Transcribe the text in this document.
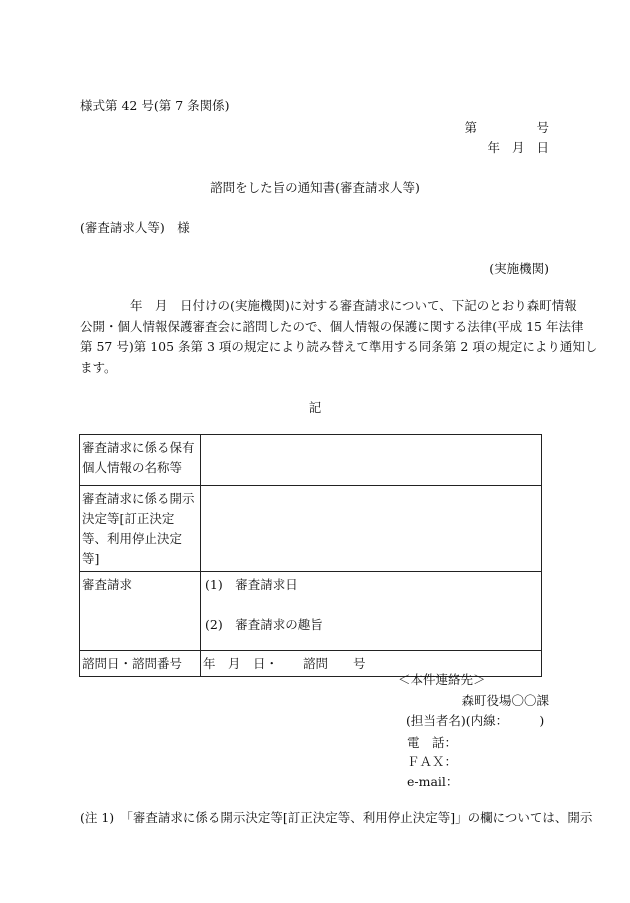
様式第 42 号(第 7 条関係)
第	号
年 月 日
諮問をした旨の通知書(審査請求人等)
(審査請求人等)　様
(実施機関)
　　　　年　月　日付けの(実施機関)に対する審査請求について、下記のとおり森町情報
公開・個人情報保護審査会に諮問したので、個人情報の保護に関する法律(平成 15 年法律
第 57 号)第 105 条第 3 項の規定により読み替えて準用する同条第 2 項の規定により通知し
ます。
記
審査請求に係る保有個人情報の名称等	
審査請求に係る開示決定等[訂正決定等、利用停止決定等]	
審査請求	(1)　審査請求日
(2)　審査請求の趣旨

諮問日・諮問番号	年　月　日・　　諮問　　号
＜本件連絡先＞
森町役場〇〇課
(担当者名)(内線：　　　)
電　話：
ＦＡＸ：
e-mail：
(注 1)　「審査請求に係る開示決定等[訂正決定等、利用停止決定等]」の欄については、開示
